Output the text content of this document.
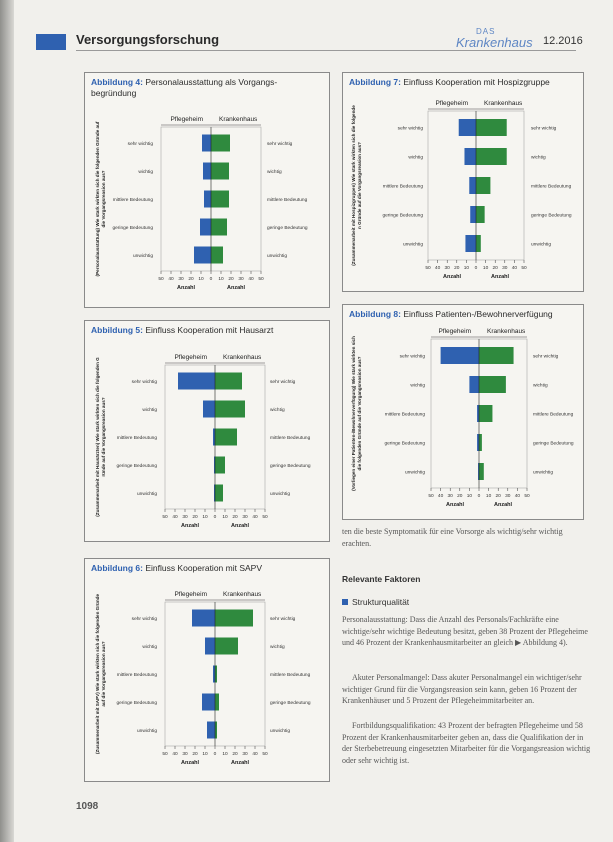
Versorgungsforschung
DAS
Krankenhaus 12.2016
Abbildung 4: Personalausstattung als Vorgangs-
begründung
Pflegeheim Krankenhaus
sehr wichtig	sehr wichtig
wichtig	wichtig
mittlere Bedeutung	mittlere Bedeutung
geringe Bedeutung	geringe Bedeutung
unwichtig	unwichtig
50 40 30 20 10 0 10 20 30 40 50
Anzahl	Anzahl
(Personalausstattung) Wie stark wirkten sich die folgenden Gründe auf die Vorgangsreasion aus?
Abbildung 5: Einfluss Kooperation mit Hausarzt
Pflegeheim Krankenhaus
sehr wichtig	sehr wichtig
wichtig	wichtig
mittlere Bedeutung	mittlere Bedeutung
geringe Bedeutung	geringe Bedeutung
unwichtig	unwichtig
50 40 30 20 10 0 10 20 30 40 50
Anzahl	Anzahl
(Zusammenarbeit mit Hausärzten) Wie stark wirkten sich die folgenden G ründe auf die Vorgangsreasion aus?
Abbildung 6: Einfluss Kooperation mit SAPV
Pflegeheim Krankenhaus
sehr wichtig	sehr wichtig
wichtig	wichtig
mittlere Bedeutung	mittlere Bedeutung
geringe Bedeutung	geringe Bedeutung
unwichtig	unwichtig
50 40 30 20 10 0 10 20 30 40 50
Anzahl	Anzahl
(Zusammenarbeit mit SAPV) Wie stark wirkten sich die folgenden Gründe auf die Vorgangsreasion aus?
Abbildung 7: Einfluss Kooperation mit Hospizgruppe
Pflegeheim Krankenhaus
sehr wichtig	sehr wichtig
wichtig	wichtig
mittlere Bedeutung	mittlere Bedeutung
geringe Bedeutung	geringe Bedeutung
unwichtig	unwichtig
50 40 30 20 10 0 10 20 30 40 50
Anzahl	Anzahl
(Zusammenarbeit mit Hospizgruppen) Wie stark wirkten sich die folgende n Gründe auf die Vorgangsreasion aus?
Abbildung 8: Einfluss Patienten-/Bewohnerverfügung
Pflegeheim Krankenhaus
sehr wichtig	sehr wichtig
wichtig	wichtig
mittlere Bedeutung	mittlere Bedeutung
geringe Bedeutung	geringe Bedeutung
unwichtig	unwichtig
50 40 30 20 10 0 10 20 30 40 50
Anzahl	Anzahl
(Vorliegen einer Patienten-/Bewohnerverfügung) Wie stark wirkten sich die folgenden Gründe auf die Vorgangsreasion aus?
ten die beste Symptomatik für eine Vorsorge als wichtig/sehr wichtig erachten.
Relevante Faktoren
Strukturqualität
Personalausstattung: Dass die Anzahl des Personals/Fachkräfte eine wichtige/sehr wichtige Bedeutung besitzt, geben 38 Prozent der Pflegeheime und 46 Prozent der Krankenhausmitarbeiter an gleich ▶ Abbildung 4).
Akuter Personalmangel: Dass akuter Personalmangel ein wichtiger/sehr wichtiger Grund für die Vorgangsreasion sein kann, geben 16 Prozent der Krankenhäuser und 5 Prozent der Pflegeheimmitarbeiter an.
Fortbildungsqualifikation: 43 Prozent der befragten Pflegeheime und 58 Prozent der Krankenhausmitarbeiter geben an, dass die Qualifikation der in der Sterbebetreuung eingesetzten Mitarbeiter für die Vorgangsreasion wichtig oder sehr wichtig ist.
1098
